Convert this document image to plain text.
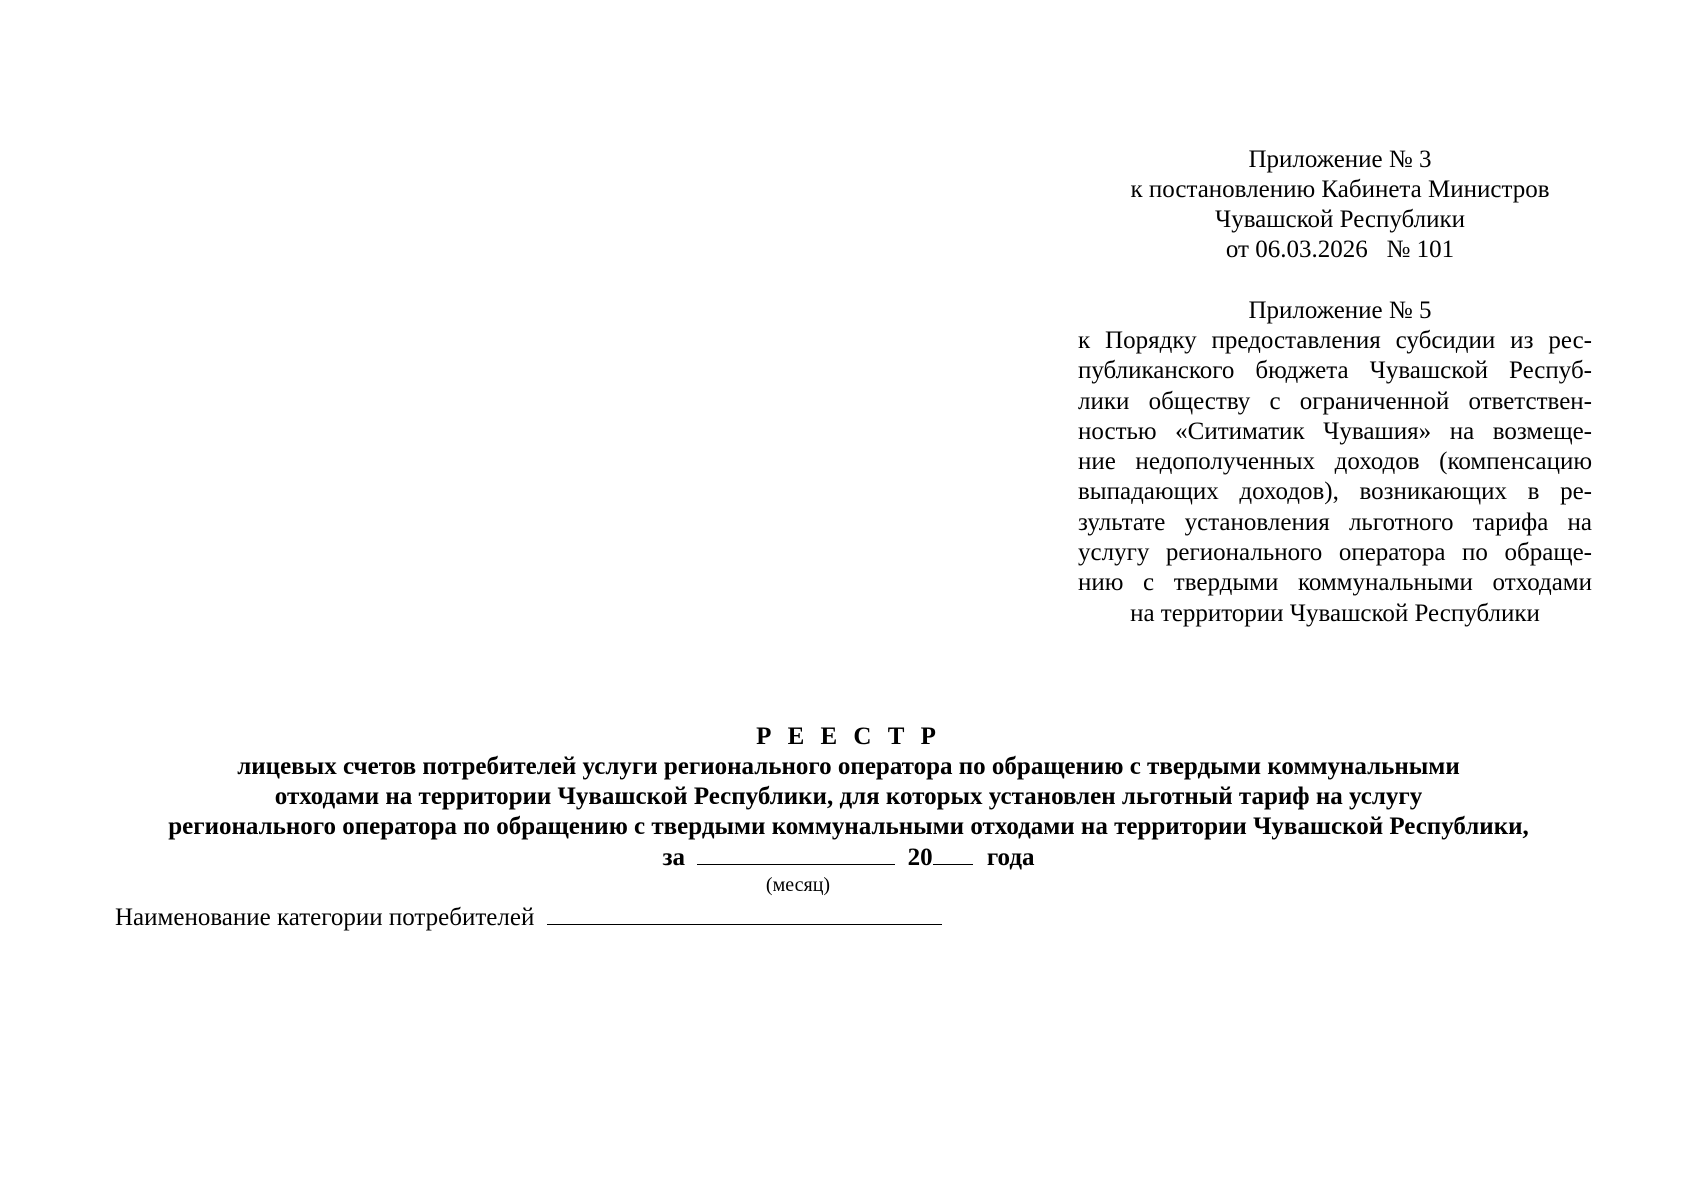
Приложение № 3
к постановлению Кабинета Министров
Чувашской Республики
от 06.03.2026   № 101
Приложение № 5
к Порядку предоставления субсидии из рес-
публиканского бюджета Чувашской Респуб-
лики обществу с ограниченной ответствен-
ностью «Ситиматик Чувашия» на возмеще-
ние недополученных доходов (компенсацию
выпадающих доходов), возникающих в ре-
зультате установления льготного тарифа на
услугу регионального оператора по обраще-
нию с твердыми коммунальными отходами
на территории Чувашской Республики
Р Е Е С Т Р
лицевых счетов потребителей услуги регионального оператора по обращению с твердыми коммунальными
отходами на территории Чувашской Республики, для которых установлен льготный тариф на услугу
регионального оператора по обращению с твердыми коммунальными отходами на территории Чувашской Республики,
за	20 года
(месяц)
Наименование категории потребителей
